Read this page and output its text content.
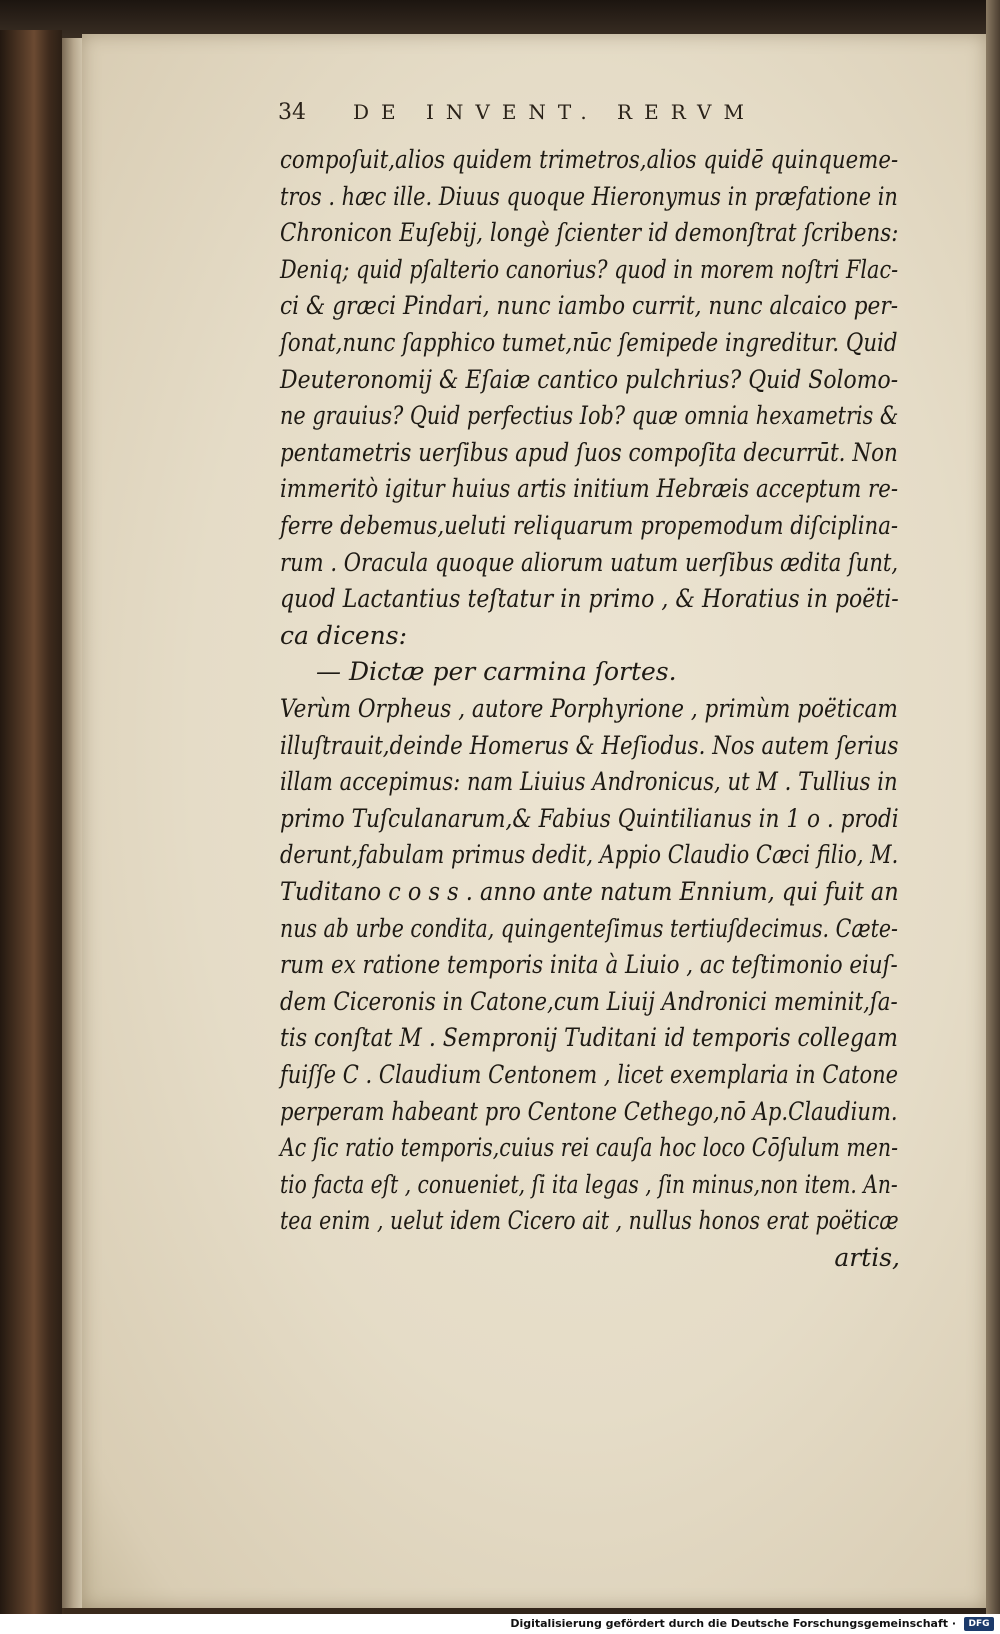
34 DE INVENT. RERVM
compoſuit,alios quidem trimetros,alios quidē quinqueme-
tros . hæc ille. Diuus quoque Hieronymus in præfatione in
Chronicon Euſebij, longè ſcienter id demonſtrat ſcribens:
Deniq; quid pſalterio canorius? quod in morem noſtri Flac-
ci & græci Pindari, nunc iambo currit, nunc alcaico per-
ſonat,nunc ſapphico tumet,nūc ſemipede ingreditur. Quid
Deuteronomij & Eſaiæ cantico pulchrius? Quid Solomo-
ne grauius? Quid perfectius Iob? quæ omnia hexametris &
pentametris uerſibus apud ſuos compoſita decurrūt. Non
immeritò igitur huius artis initium Hebræis acceptum re-
ferre debemus,ueluti reliquarum propemodum diſciplina-
rum . Oracula quoque aliorum uatum uerſibus ædita ſunt,
quod Lactantius teſtatur in primo , & Horatius in poëti-
ca dicens:
— Dictæ per carmina ſortes.
Verùm Orpheus , autore Porphyrione , primùm poëticam
illuſtrauit,deinde Homerus & Heſiodus. Nos autem ſerius
illam accepimus: nam Liuius Andronicus, ut M . Tullius in
primo Tuſculanarum,& Fabius Quintilianus in 1 o . prodi
derunt,fabulam primus dedit, Appio Claudio Cæci filio, M.
Tuditano c o s s . anno ante natum Ennium, qui fuit an
nus ab urbe condita, quingenteſimus tertiuſdecimus. Cæte-
rum ex ratione temporis inita à Liuio , ac teſtimonio eiuſ-
dem Ciceronis in Catone,cum Liuij Andronici meminit,ſa-
tis conſtat M . Sempronij Tuditani id temporis collegam
fuiſſe C . Claudium Centonem , licet exemplaria in Catone
perperam habeant pro Centone Cethego,nō Ap.Claudium.
Ac ſic ratio temporis,cuius rei cauſa hoc loco Cōſulum men-
tio facta eſt , conueniet, ſi ita legas , ſin minus,non item. An-
tea enim , uelut idem Cicero ait , nullus honos erat poëticæ
artis,
Digitalisierung gefördert durch die Deutsche Forschungsgemeinschaft ·	DFG
